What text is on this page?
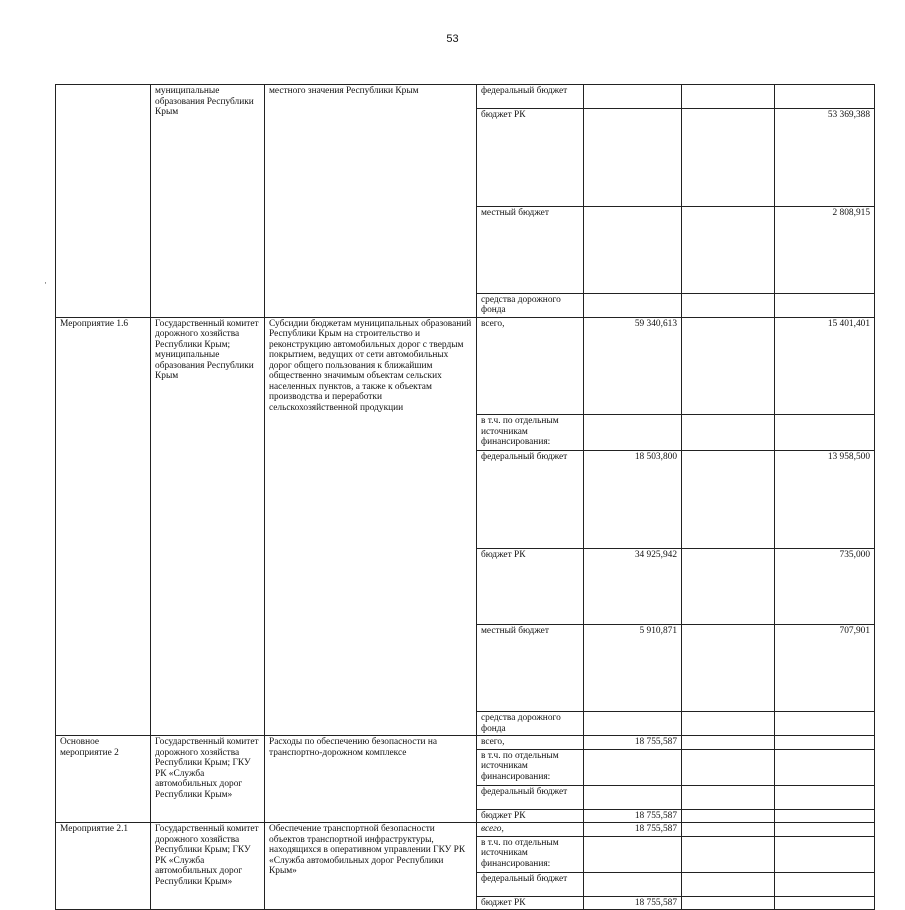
53
	муниципальные образования Республики Крым	местного значения Республики Крым	федеральный бюджет				
			бюджет РК			53 369,388	
			местный бюджет			2 808,915	
			средства дорожного фонда				
Мероприятие 1.6	Государственный комитет дорожного хозяйства Республики Крым; муниципальные образования Республики Крым	Субсидии бюджетам муниципальных образований Республики Крым на строительство и реконструкцию автомобильных дорог с твердым покрытием, ведущих от сети автомобильных дорог общего пользования к ближайшим общественно значимым объектам сельских населенных пунктов, а также к объектам производства и переработки сельскохозяйственной продукции	всего,	59 340,613		15 401,401	
			в т.ч. по отдельным источникам финансирования:				
			федеральный бюджет	18 503,800		13 958,500	
			бюджет РК	34 925,942		735,000	
			местный бюджет	5 910,871		707,901	
			средства дорожного фонда				
Основное мероприятие 2	Государственный комитет дорожного хозяйства Республики Крым; ГКУ РК «Служба автомобильных дорог Республики Крым»	Расходы по обеспечению безопасности на транспортно-дорожном комплексе	всего,	18 755,587			
			в т.ч. по отдельным источникам финансирования:				
			федеральный бюджет				
			бюджет РК	18 755,587			
Мероприятие 2.1	Государственный комитет дорожного хозяйства Республики Крым; ГКУ РК «Служба автомобильных дорог Республики Крым»	Обеспечение транспортной безопасности объектов транспортной инфраструктуры, находящихся в оперативном управлении ГКУ РК «Служба автомобильных дорог Республики Крым»	всего,	18 755,587			
			в т.ч. по отдельным источникам финансирования:				
			федеральный бюджет				
			бюджет РК	18 755,587			
·
